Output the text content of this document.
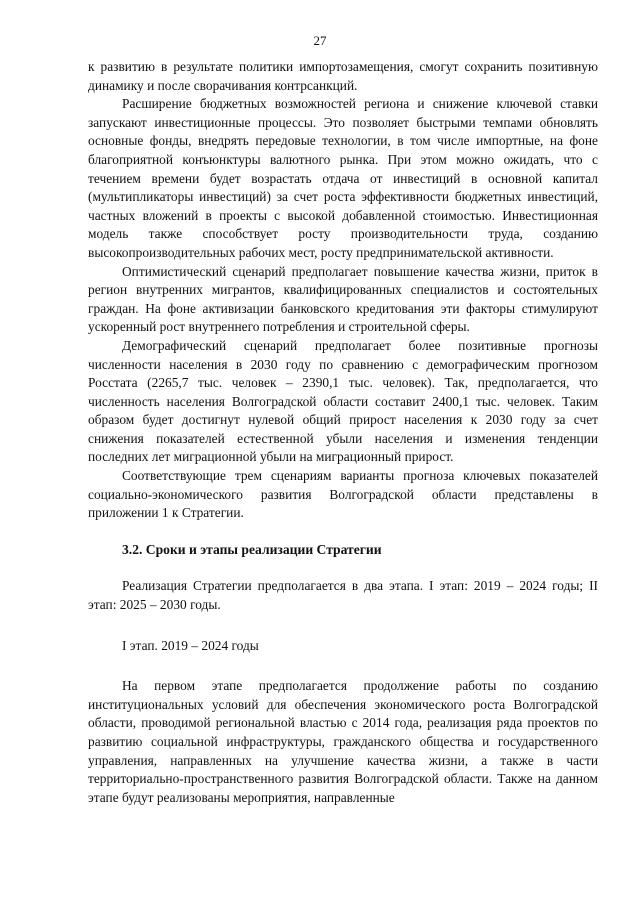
27

к развитию в результате политики импортозамещения, смогут сохранить позитивную динамику и после сворачивания контрсанкций.

Расширение бюджетных возможностей региона и снижение ключевой ставки запускают инвестиционные процессы. Это позволяет быстрыми темпами обновлять основные фонды, внедрять передовые технологии, в том числе импортные, на фоне благоприятной конъюнктуры валютного рынка. При этом можно ожидать, что с течением времени будет возрастать отдача от инвестиций в основной капитал (мультипликаторы инвестиций) за счет роста эффективности бюджетных инвестиций, частных вложений в проекты с высокой добавленной стоимостью. Инвестиционная модель также способствует росту производительности труда, созданию высокопроизводительных рабочих мест, росту предпринимательской активности.

Оптимистический сценарий предполагает повышение качества жизни, приток в регион внутренних мигрантов, квалифицированных специалистов и состоятельных граждан. На фоне активизации банковского кредитования эти факторы стимулируют ускоренный рост внутреннего потребления и строительной сферы.

Демографический сценарий предполагает более позитивные прогнозы численности населения в 2030 году по сравнению с демографическим прогнозом Росстата (2265,7 тыс. человек – 2390,1 тыс. человек). Так, предполагается, что численность населения Волгоградской области составит 2400,1 тыс. человек. Таким образом будет достигнут нулевой общий прирост населения к 2030 году за счет снижения показателей естественной убыли населения и изменения тенденции последних лет миграционной убыли на миграционный прирост.

Соответствующие трем сценариям варианты прогноза ключевых показателей социально-экономического развития Волгоградской области представлены в приложении 1 к Стратегии.

3.2. Сроки и этапы реализации Стратегии

Реализация Стратегии предполагается в два этапа. I этап: 2019 – 2024 годы; II этап: 2025 – 2030 годы.

I этап. 2019 – 2024 годы

На первом этапе предполагается продолжение работы по созданию институциональных условий для обеспечения экономического роста Волгоградской области, проводимой региональной властью с 2014 года, реализация ряда проектов по развитию социальной инфраструктуры, гражданского общества и государственного управления, направленных на улучшение качества жизни, а также в части территориально-пространственного развития Волгоградской области. Также на данном этапе будут реализованы мероприятия, направленные
